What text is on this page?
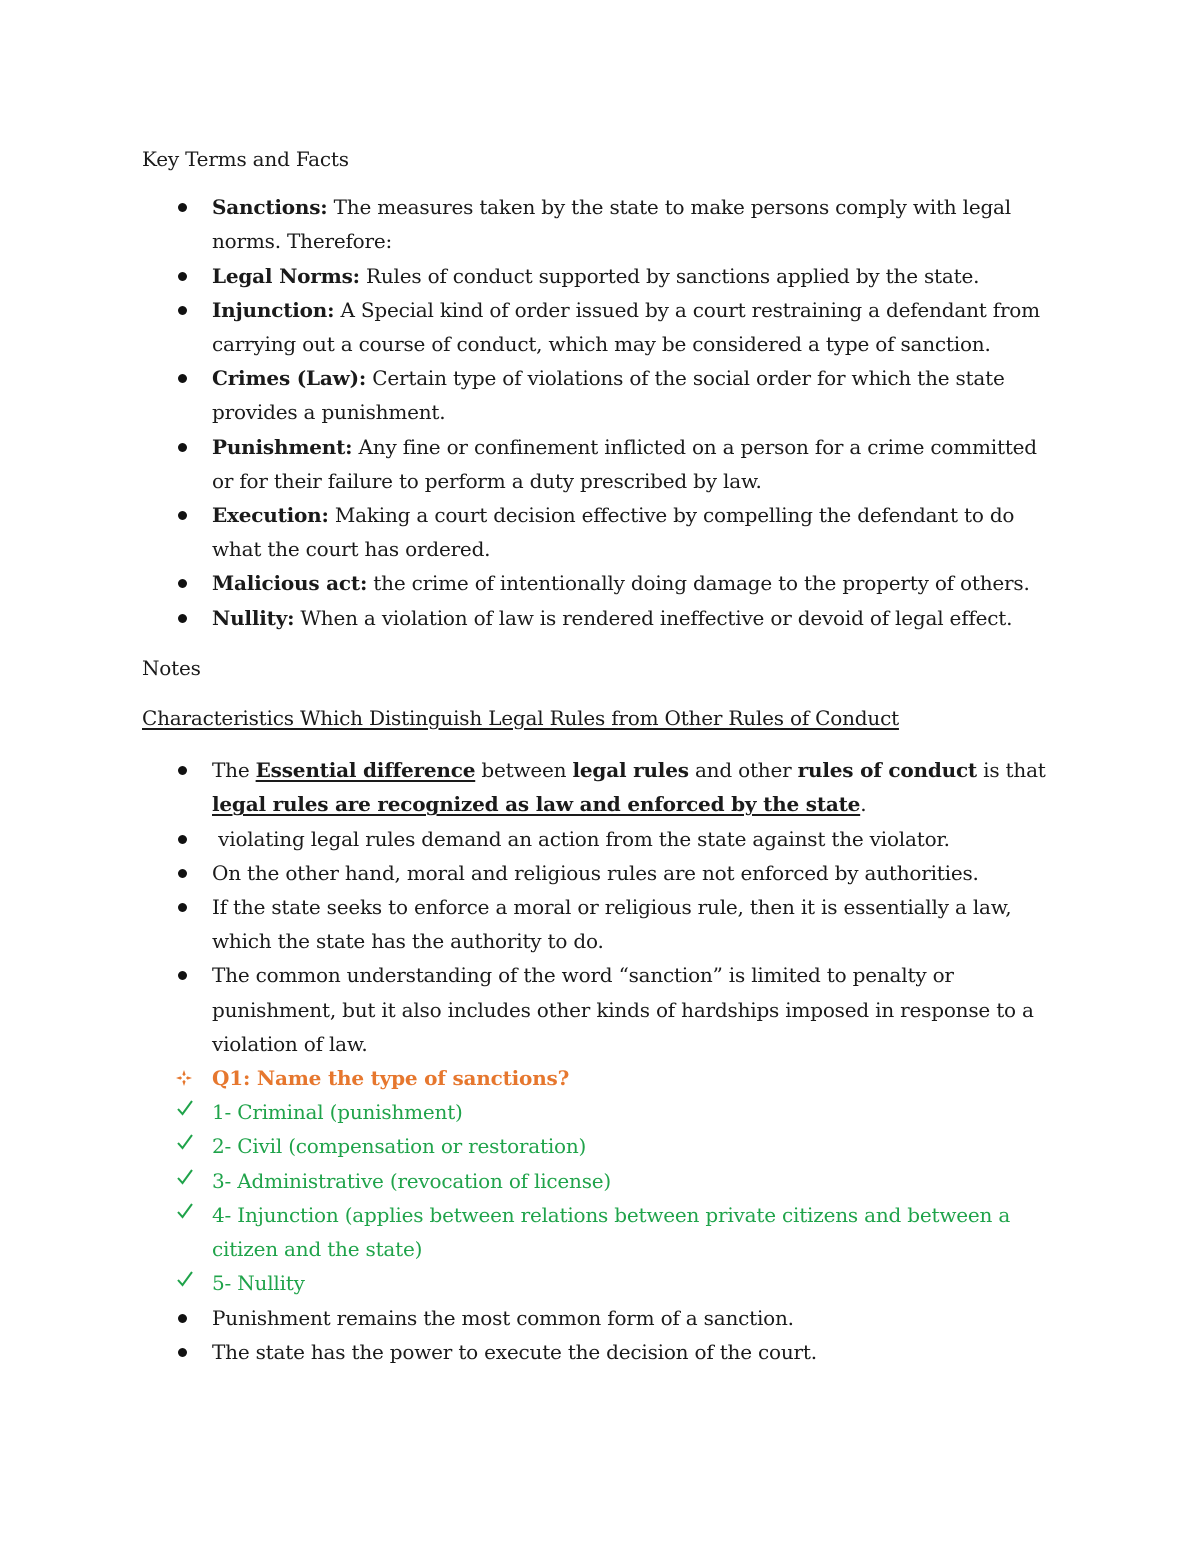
Key Terms and Facts
Sanctions: The measures taken by the state to make persons comply with legal norms. Therefore:
Legal Norms: Rules of conduct supported by sanctions applied by the state.
Injunction: A Special kind of order issued by a court restraining a defendant from carrying out a course of conduct, which may be considered a type of sanction.
Crimes (Law): Certain type of violations of the social order for which the state provides a punishment.
Punishment: Any fine or confinement inflicted on a person for a crime committed or for their failure to perform a duty prescribed by law.
Execution: Making a court decision effective by compelling the defendant to do what the court has ordered.
Malicious act: the crime of intentionally doing damage to the property of others.
Nullity: When a violation of law is rendered ineffective or devoid of legal effect.
Notes
Characteristics Which Distinguish Legal Rules from Other Rules of Conduct
The Essential difference between legal rules and other rules of conduct is that legal rules are recognized as law and enforced by the state.
violating legal rules demand an action from the state against the violator.
On the other hand, moral and religious rules are not enforced by authorities.
If the state seeks to enforce a moral or religious rule, then it is essentially a law, which the state has the authority to do.
The common understanding of the word “sanction” is limited to penalty or punishment, but it also includes other kinds of hardships imposed in response to a violation of law.
Q1: Name the type of sanctions?
1- Criminal (punishment)
2- Civil (compensation or restoration)
3- Administrative (revocation of license)
4- Injunction (applies between relations between private citizens and between a citizen and the state)
5- Nullity
Punishment remains the most common form of a sanction.
The state has the power to execute the decision of the court.
